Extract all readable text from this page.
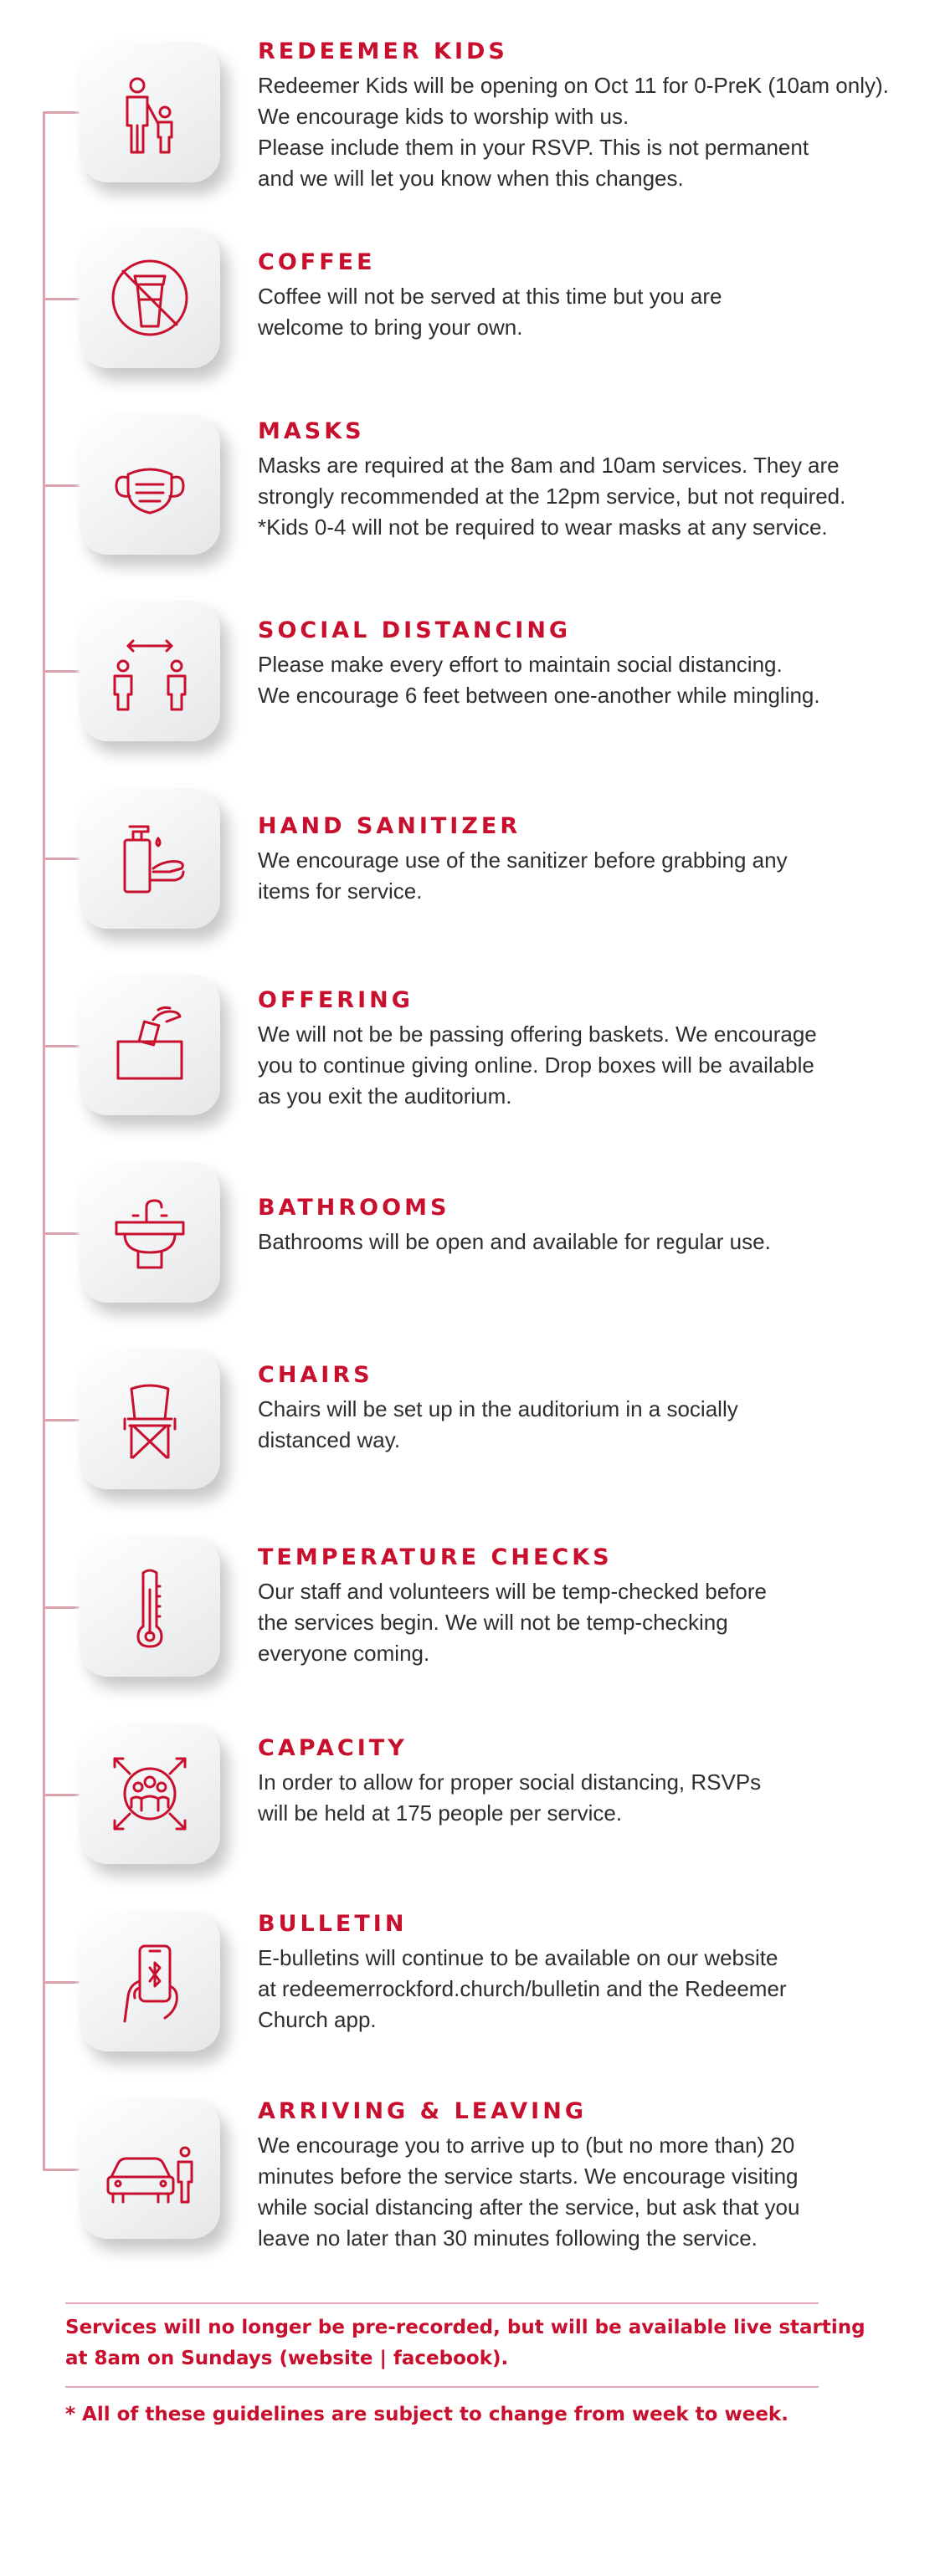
REDEEMER KIDS
Redeemer Kids will be opening on Oct 11 for 0-PreK (10am only).
We encourage kids to worship with us.
Please include them in your RSVP. This is not permanent
and we will let you know when this changes.
COFFEE
Coffee will not be served at this time but you are
welcome to bring your own.
MASKS
Masks are required at the 8am and 10am services. They are
strongly recommended at the 12pm service, but not required.
*Kids 0-4 will not be required to wear masks at any service.
SOCIAL DISTANCING
Please make every effort to maintain social distancing.
We encourage 6 feet between one-another while mingling.
HAND SANITIZER
We encourage use of the sanitizer before grabbing any
items for service.
OFFERING
We will not be be passing offering baskets. We encourage
you to continue giving online. Drop boxes will be available
as you exit the auditorium.
BATHROOMS
Bathrooms will be open and available for regular use.
CHAIRS
Chairs will be set up in the auditorium in a socially
distanced way.
TEMPERATURE CHECKS
Our staff and volunteers will be temp-checked before
the services begin. We will not be temp-checking
everyone coming.
CAPACITY
In order to allow for proper social distancing, RSVPs
will be held at 175 people per service.
BULLETIN
E-bulletins will continue to be available on our website
at redeemerrockford.church/bulletin and the Redeemer
Church app.
ARRIVING & LEAVING
We encourage you to arrive up to (but no more than) 20
minutes before the service starts. We encourage visiting
while social distancing after the service, but ask that you
leave no later than 30 minutes following the service.
Services will no longer be pre-recorded, but will be available live starting at 8am on Sundays (website | facebook).
* All of these guidelines are subject to change from week to week.
